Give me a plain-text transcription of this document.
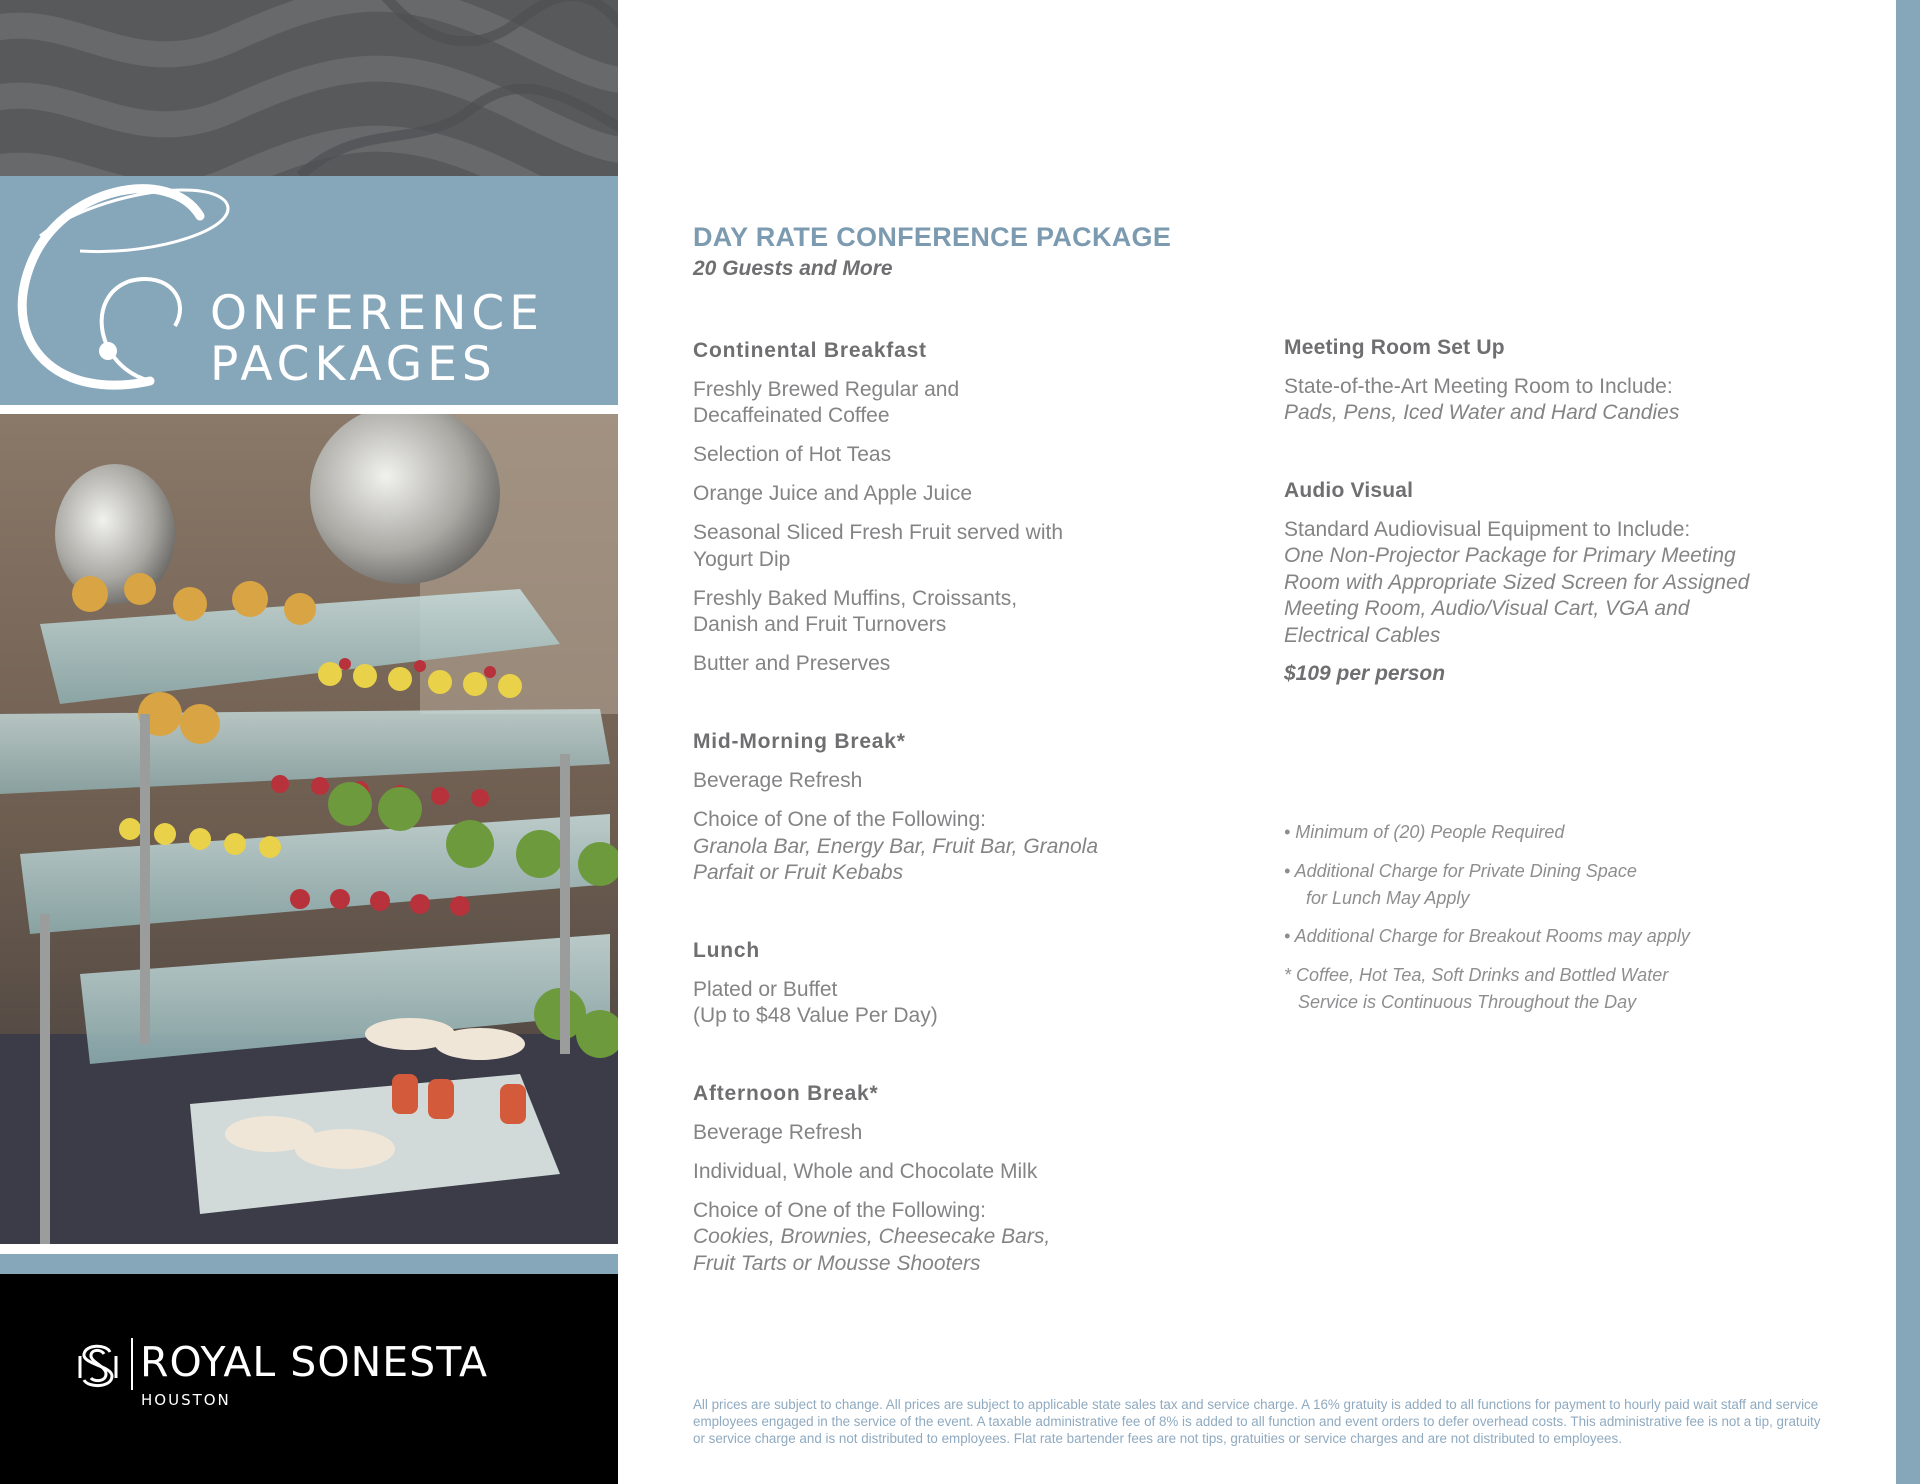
ONFERENCE
PACKAGES
ROYAL SONESTA
HOUSTON
DAY RATE CONFERENCE PACKAGE
20 Guests and More
Continental Breakfast
Freshly Brewed Regular and
Decaffeinated Coffee
Selection of Hot Teas
Orange Juice and Apple Juice
Seasonal Sliced Fresh Fruit served with
Yogurt Dip
Freshly Baked Muffins, Croissants,
Danish and Fruit Turnovers
Butter and Preserves
Mid-Morning Break*
Beverage Refresh
Choice of One of the Following:
Granola Bar, Energy Bar, Fruit Bar, Granola
Parfait or Fruit Kebabs
Lunch
Plated or Buffet
(Up to $48 Value Per Day)
Afternoon Break*
Beverage Refresh
Individual, Whole and Chocolate Milk
Choice of One of the Following:
Cookies, Brownies, Cheesecake Bars,
Fruit Tarts or Mousse Shooters
Meeting Room Set Up
State-of-the-Art Meeting Room to Include:
Pads, Pens, Iced Water and Hard Candies
Audio Visual
Standard Audiovisual Equipment to Include:
One Non-Projector Package for Primary Meeting
Room with Appropriate Sized Screen for Assigned
Meeting Room, Audio/Visual Cart, VGA and
Electrical Cables
$109 per person
• Minimum of (20) People Required
• Additional Charge for Private Dining Space
for Lunch May Apply
• Additional Charge for Breakout Rooms may apply
* Coffee, Hot Tea, Soft Drinks and Bottled Water
Service is Continuous Throughout the Day
All prices are subject to change. All prices are subject to applicable state sales tax and service charge. A 16% gratuity is added to all functions for payment to hourly paid wait staff and service employees engaged in the service of the event. A taxable administrative fee of 8% is added to all function and event orders to defer overhead costs. This administrative fee is not a tip, gratuity or service charge and is not distributed to employees. Flat rate bartender fees are not tips, gratuities or service charges and are not distributed to employees.
